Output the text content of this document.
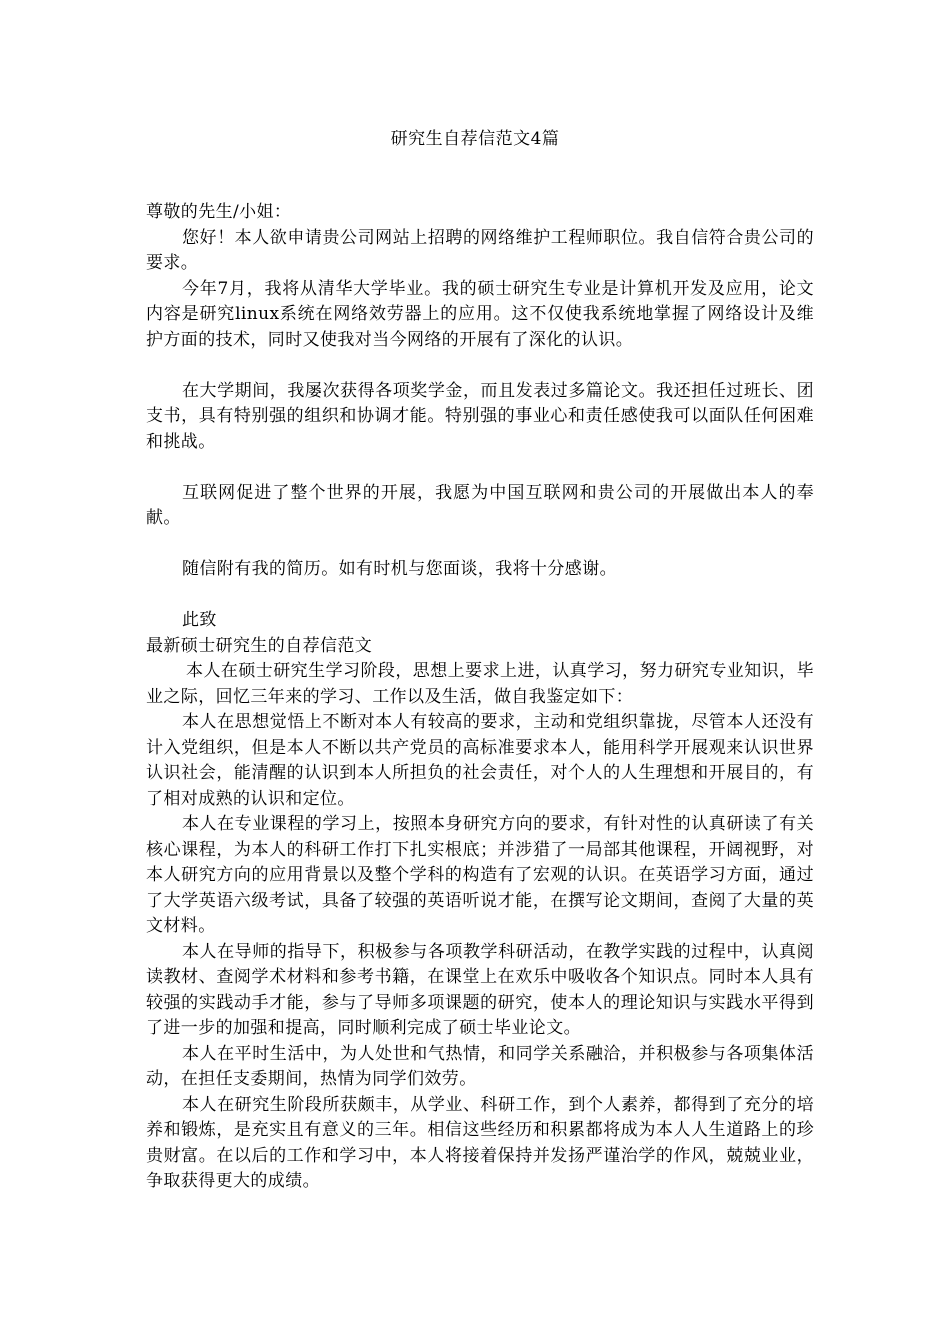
研究生自荐信范文4篇

尊敬的先生/小姐：

您好！本人欲申请贵公司网站上招聘的网络维护工程师职位。我自信符合贵公司的要求。

今年7月，我将从清华大学毕业。我的硕士研究生专业是计算机开发及应用，论文内容是研究linux系统在网络效劳器上的应用。这不仅使我系统地掌握了网络设计及维护方面的技术，同时又使我对当今网络的开展有了深化的认识。

在大学期间，我屡次获得各项奖学金，而且发表过多篇论文。我还担任过班长、团支书，具有特别强的组织和协调才能。特别强的事业心和责任感使我可以面队任何困难和挑战。

互联网促进了整个世界的开展，我愿为中国互联网和贵公司的开展做出本人的奉献。

随信附有我的简历。如有时机与您面谈，我将十分感谢。

此致

最新硕士研究生的自荐信范文

本人在硕士研究生学习阶段，思想上要求上进，认真学习，努力研究专业知识，毕业之际，回忆三年来的学习、工作以及生活，做自我鉴定如下：

本人在思想觉悟上不断对本人有较高的要求，主动和党组织靠拢，尽管本人还没有计入党组织，但是本人不断以共产党员的高标准要求本人，能用科学开展观来认识世界认识社会，能清醒的认识到本人所担负的社会责任，对个人的人生理想和开展目的，有了相对成熟的认识和定位。

本人在专业课程的学习上，按照本身研究方向的要求，有针对性的认真研读了有关核心课程，为本人的科研工作打下扎实根底；并涉猎了一局部其他课程，开阔视野，对本人研究方向的应用背景以及整个学科的构造有了宏观的认识。在英语学习方面，通过了大学英语六级考试，具备了较强的英语听说才能，在撰写论文期间，查阅了大量的英文材料。

本人在导师的指导下，积极参与各项教学科研活动，在教学实践的过程中，认真阅读教材、查阅学术材料和参考书籍，在课堂上在欢乐中吸收各个知识点。同时本人具有较强的实践动手才能，参与了导师多项课题的研究，使本人的理论知识与实践水平得到了进一步的加强和提高，同时顺利完成了硕士毕业论文。

本人在平时生活中，为人处世和气热情，和同学关系融洽，并积极参与各项集体活动，在担任支委期间，热情为同学们效劳。

本人在研究生阶段所获颇丰，从学业、科研工作，到个人素养，都得到了充分的培养和锻炼，是充实且有意义的三年。相信这些经历和积累都将成为本人人生道路上的珍贵财富。在以后的工作和学习中，本人将接着保持并发扬严谨治学的作风，兢兢业业，争取获得更大的成绩。
